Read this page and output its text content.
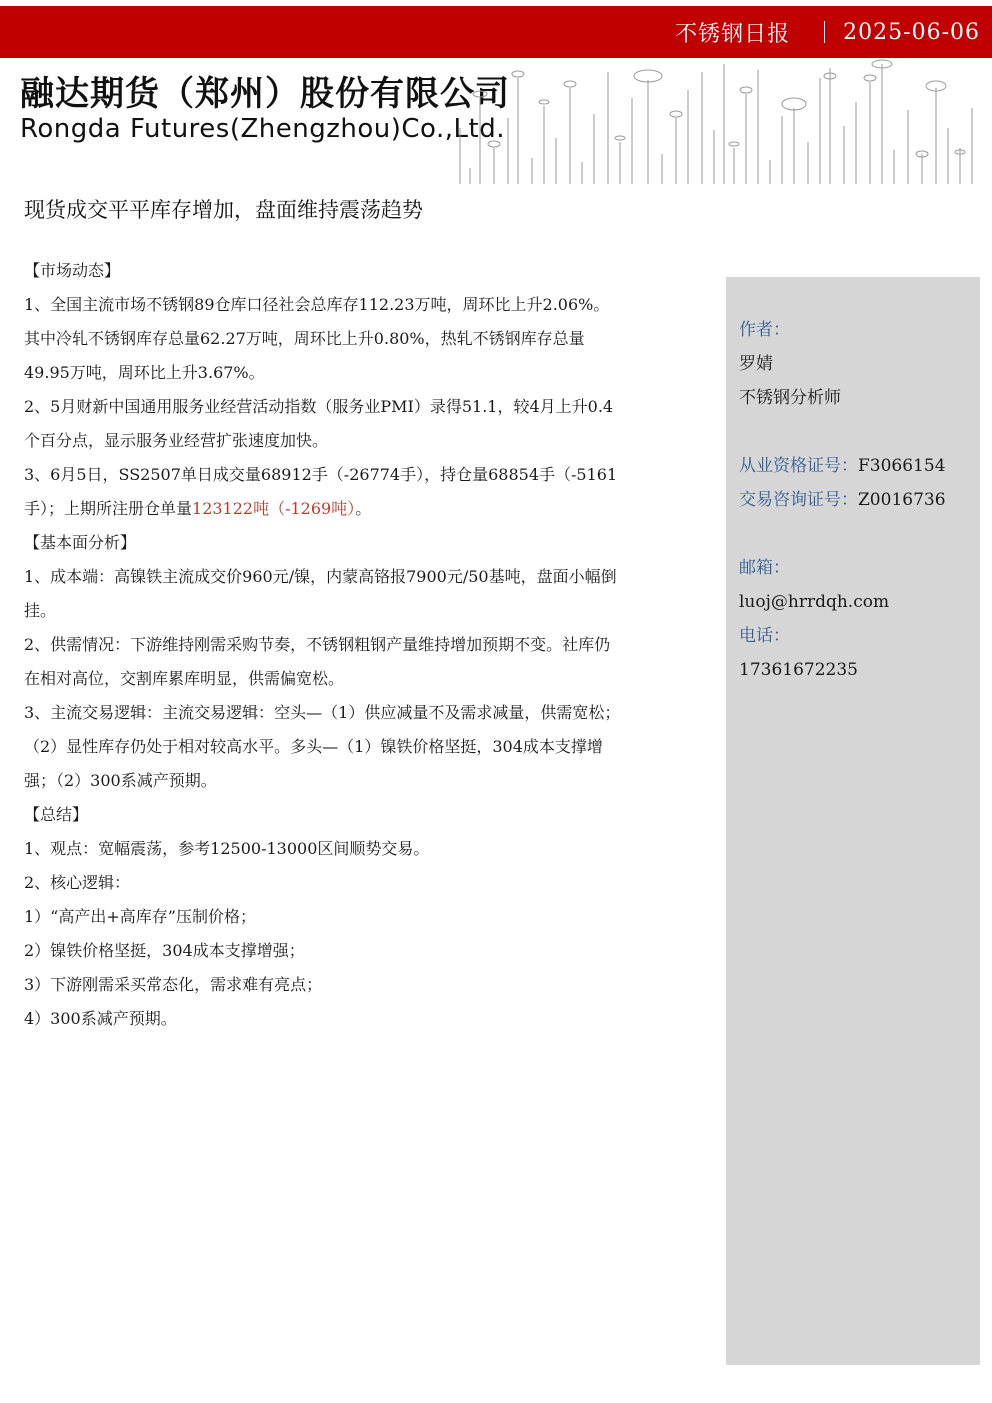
不锈钢日报 2025-06-06
融达期货（郑州）股份有限公司
Rongda Futures(Zhengzhou)Co.,Ltd.
现货成交平平库存增加，盘面维持震荡趋势

【市场动态】

1、全国主流市场不锈钢89仓库口径社会总库存112.23万吨，周环比上升2.06%。其中冷轧不锈钢库存总量62.27万吨，周环比上升0.80%，热轧不锈钢库存总量49.95万吨，周环比上升3.67%。

2、5月财新中国通用服务业经营活动指数（服务业PMI）录得51.1，较4月上升0.4个百分点，显示服务业经营扩张速度加快。

3、6月5日，SS2507单日成交量68912手（-26774手），持仓量68854手（-5161手）；上期所注册仓单量123122吨（-1269吨）。

【基本面分析】

1、成本端：高镍铁主流成交价960元/镍，内蒙高铬报7900元/50基吨，盘面小幅倒挂。

2、供需情况：下游维持刚需采购节奏，不锈钢粗钢产量维持增加预期不变。社库仍在相对高位，交割库累库明显，供需偏宽松。

3、主流交易逻辑：主流交易逻辑：空头—（1）供应减量不及需求减量，供需宽松；（2）显性库存仍处于相对较高水平。多头—（1）镍铁价格坚挺，304成本支撑增强；（2）300系减产预期。

【总结】

1、观点：宽幅震荡，参考12500-13000区间顺势交易。

2、核心逻辑：

1）“高产出+高库存”压制价格；

2）镍铁价格坚挺，304成本支撑增强；

3）下游刚需采买常态化，需求难有亮点；

4）300系减产预期。

作者：
罗婧
不锈钢分析师
从业资格证号：F3066154
交易咨询证号：Z0016736
邮箱：
luoj@hrrdqh.com
电话：
17361672235
